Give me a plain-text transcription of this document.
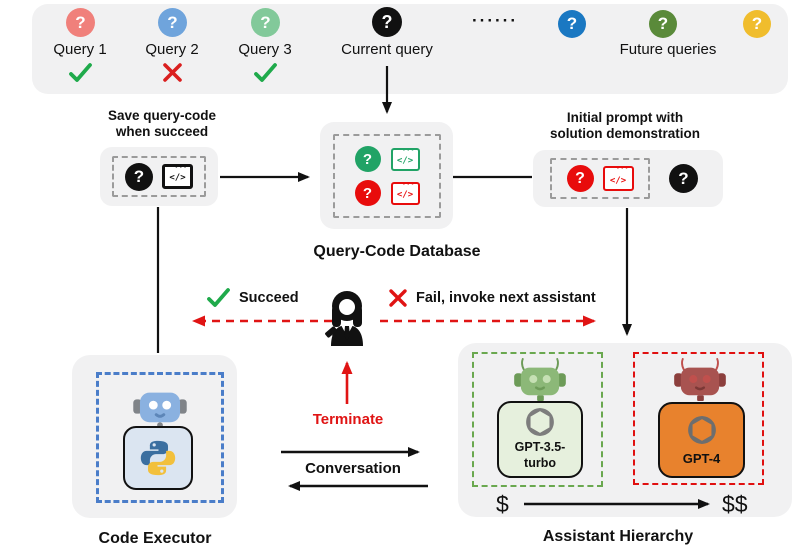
?
Query 1
?
Query 2
?
Query 3
?
Current query
······	?	?	?
Future queries
Save query-code
when succeed
?	···
</>
?
···
</>
?
···
</>
Query-Code Database
Initial prompt with
solution demonstration
?
···
</>	?
Succeed	Fail, invoke next assistant
Terminate
Conversation
Code Executor
GPT-3.5-
turbo	GPT-4
$	$$
Assistant Hierarchy
